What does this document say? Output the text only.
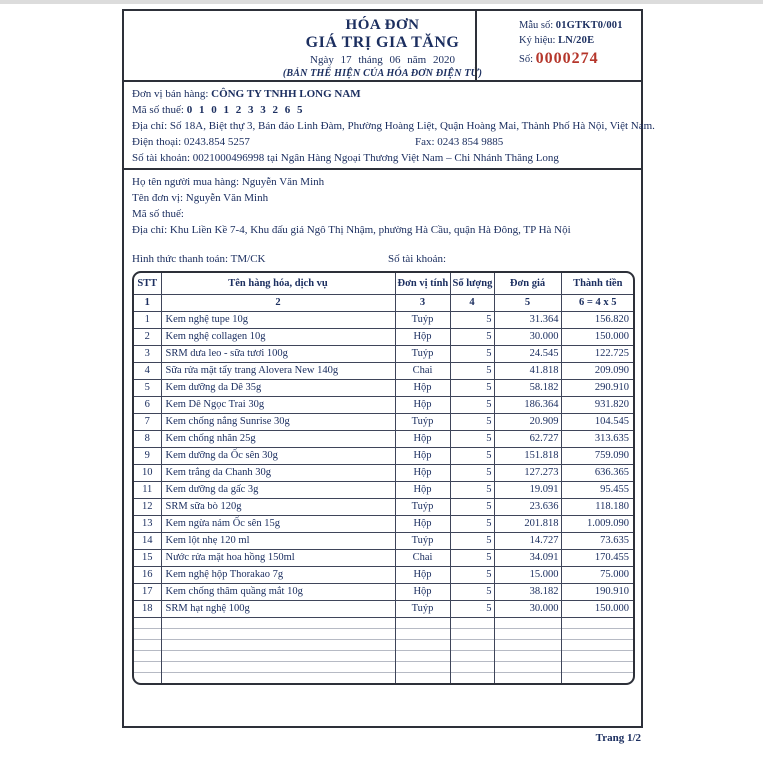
HÓA ĐƠN
GIÁ TRỊ GIA TĂNG
Ngày 17 tháng 06 năm 2020
(BẢN THỂ HIỆN CỦA HÓA ĐƠN ĐIỆN TỬ)
Mẫu số: 01GTKT0/001
Ký hiệu: LN/20E
Số: 0000274
Đơn vị bán hàng: CÔNG TY TNHH LONG NAM
Mã số thuế: 0 1 0 1 2 3 3 2 6 5
Địa chỉ: Số 18A, Biệt thự 3, Bán đảo Linh Đàm, Phường Hoàng Liệt, Quận Hoàng Mai, Thành Phố Hà Nội, Việt Nam.
Điện thoại: 0243.854 5257	Fax: 0243 854 9885
Số tài khoản: 0021000496998 tại Ngân Hàng Ngoại Thương Việt Nam – Chi Nhánh Thăng Long
Họ tên người mua hàng: Nguyễn Văn Minh
Tên đơn vị: Nguyễn Văn Minh
Mã số thuế:
Địa chỉ: Khu Liền Kề 7-4, Khu đấu giá Ngô Thị Nhậm, phường Hà Cầu, quận Hà Đông, TP Hà Nội
Hình thức thanh toán: TM/CK	Số tài khoản:
STT	Tên hàng hóa, dịch vụ	Đơn vị tính	Số lượng	Đơn giá	Thành tiền
1	2	3	4	5	6 = 4 x 5
1	Kem nghệ tupe 10g	Tuýp	5	31.364	156.820
2	Kem nghệ collagen 10g	Hộp	5	30.000	150.000
3	SRM dưa leo - sữa tươi 100g	Tuýp	5	24.545	122.725
4	Sữa rửa mặt tẩy trang Alovera New 140g	Chai	5	41.818	209.090
5	Kem dưỡng da Dê 35g	Hộp	5	58.182	290.910
6	Kem Dê Ngọc Trai 30g	Hộp	5	186.364	931.820
7	Kem chống nắng Sunrise 30g	Tuýp	5	20.909	104.545
8	Kem chống nhăn 25g	Hộp	5	62.727	313.635
9	Kem dưỡng da Ốc sên 30g	Hộp	5	151.818	759.090
10	Kem trắng da Chanh 30g	Hộp	5	127.273	636.365
11	Kem dưỡng da gấc 3g	Hộp	5	19.091	95.455
12	SRM sữa bò 120g	Tuýp	5	23.636	118.180
13	Kem ngừa nám Ốc sên 15g	Hộp	5	201.818	1.009.090
14	Kem lột nhẹ 120 ml	Tuýp	5	14.727	73.635
15	Nước rửa mặt hoa hồng 150ml	Chai	5	34.091	170.455
16	Kem nghệ hộp Thorakao 7g	Hộp	5	15.000	75.000
17	Kem chống thâm quầng mắt 10g	Hộp	5	38.182	190.910
18	SRM hạt nghệ 100g	Tuýp	5	30.000	150.000

Trang 1/2
